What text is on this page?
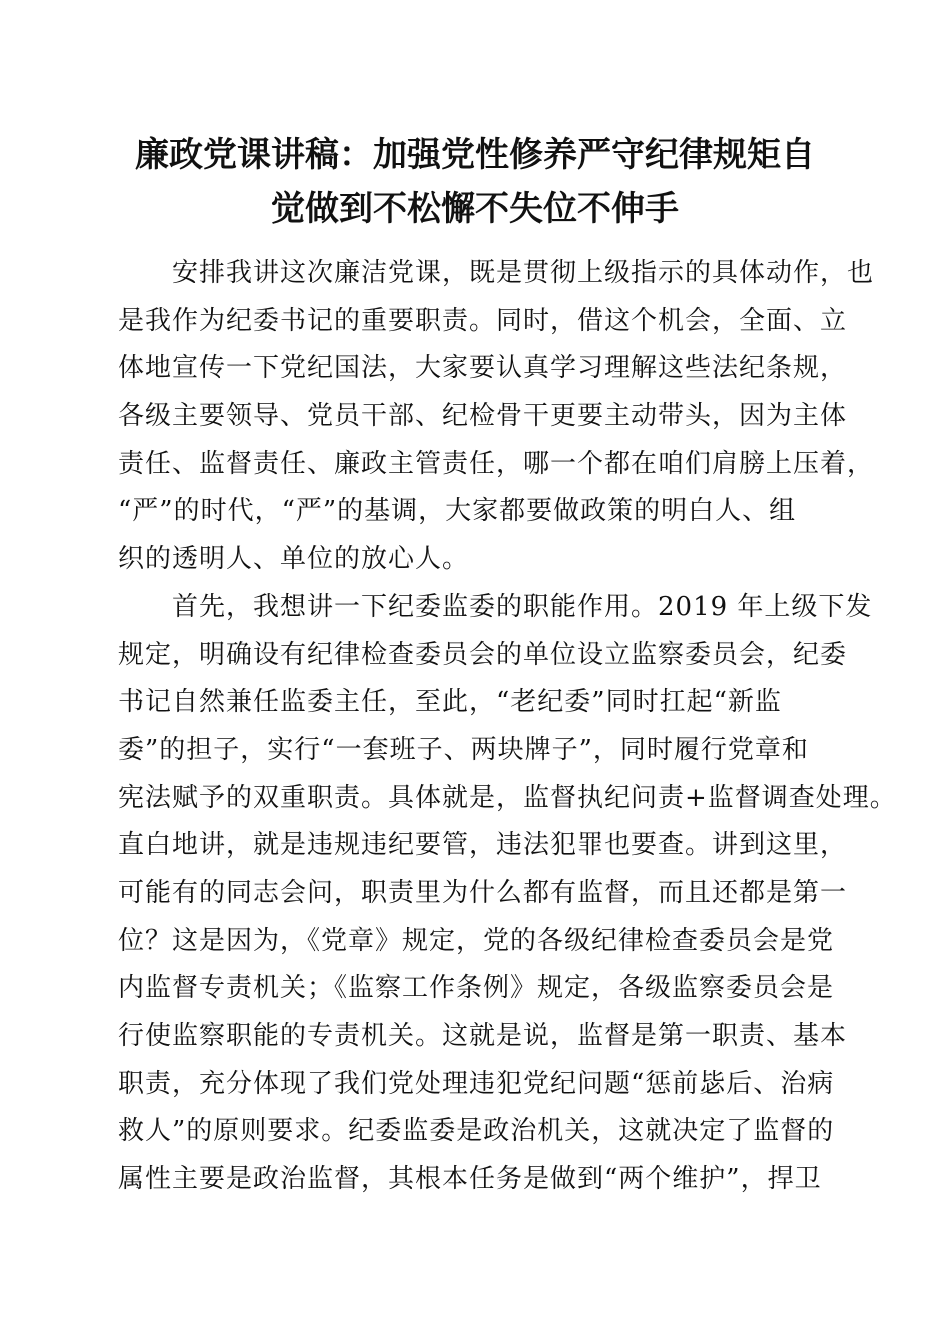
廉政党课讲稿：加强党性修养严守纪律规矩自
觉做到不松懈不失位不伸手

　　安排我讲这次廉洁党课，既是贯彻上级指示的具体动作，也
是我作为纪委书记的重要职责。同时，借这个机会，全面、立
体地宣传一下党纪国法，大家要认真学习理解这些法纪条规，
各级主要领导、党员干部、纪检骨干更要主动带头，因为主体
责任、监督责任、廉政主管责任，哪一个都在咱们肩膀上压着，
“严”的时代，“严”的基调，大家都要做政策的明白人、组
织的透明人、单位的放心人。

　　首先，我想讲一下纪委监委的职能作用。2019 年上级下发
规定，明确设有纪律检查委员会的单位设立监察委员会，纪委
书记自然兼任监委主任，至此，“老纪委”同时扛起“新监
委”的担子，实行“一套班子、两块牌子”，同时履行党章和
宪法赋予的双重职责。具体就是，监督执纪问责+监督调查处理。
直白地讲，就是违规违纪要管，违法犯罪也要查。讲到这里，
可能有的同志会问，职责里为什么都有监督，而且还都是第一
位？这是因为，《党章》规定，党的各级纪律检查委员会是党
内监督专责机关；《监察工作条例》规定，各级监察委员会是
行使监察职能的专责机关。这就是说，监督是第一职责、基本
职责，充分体现了我们党处理违犯党纪问题“惩前毖后、治病
救人”的原则要求。纪委监委是政治机关，这就决定了监督的
属性主要是政治监督，其根本任务是做到“两个维护”，捍卫
